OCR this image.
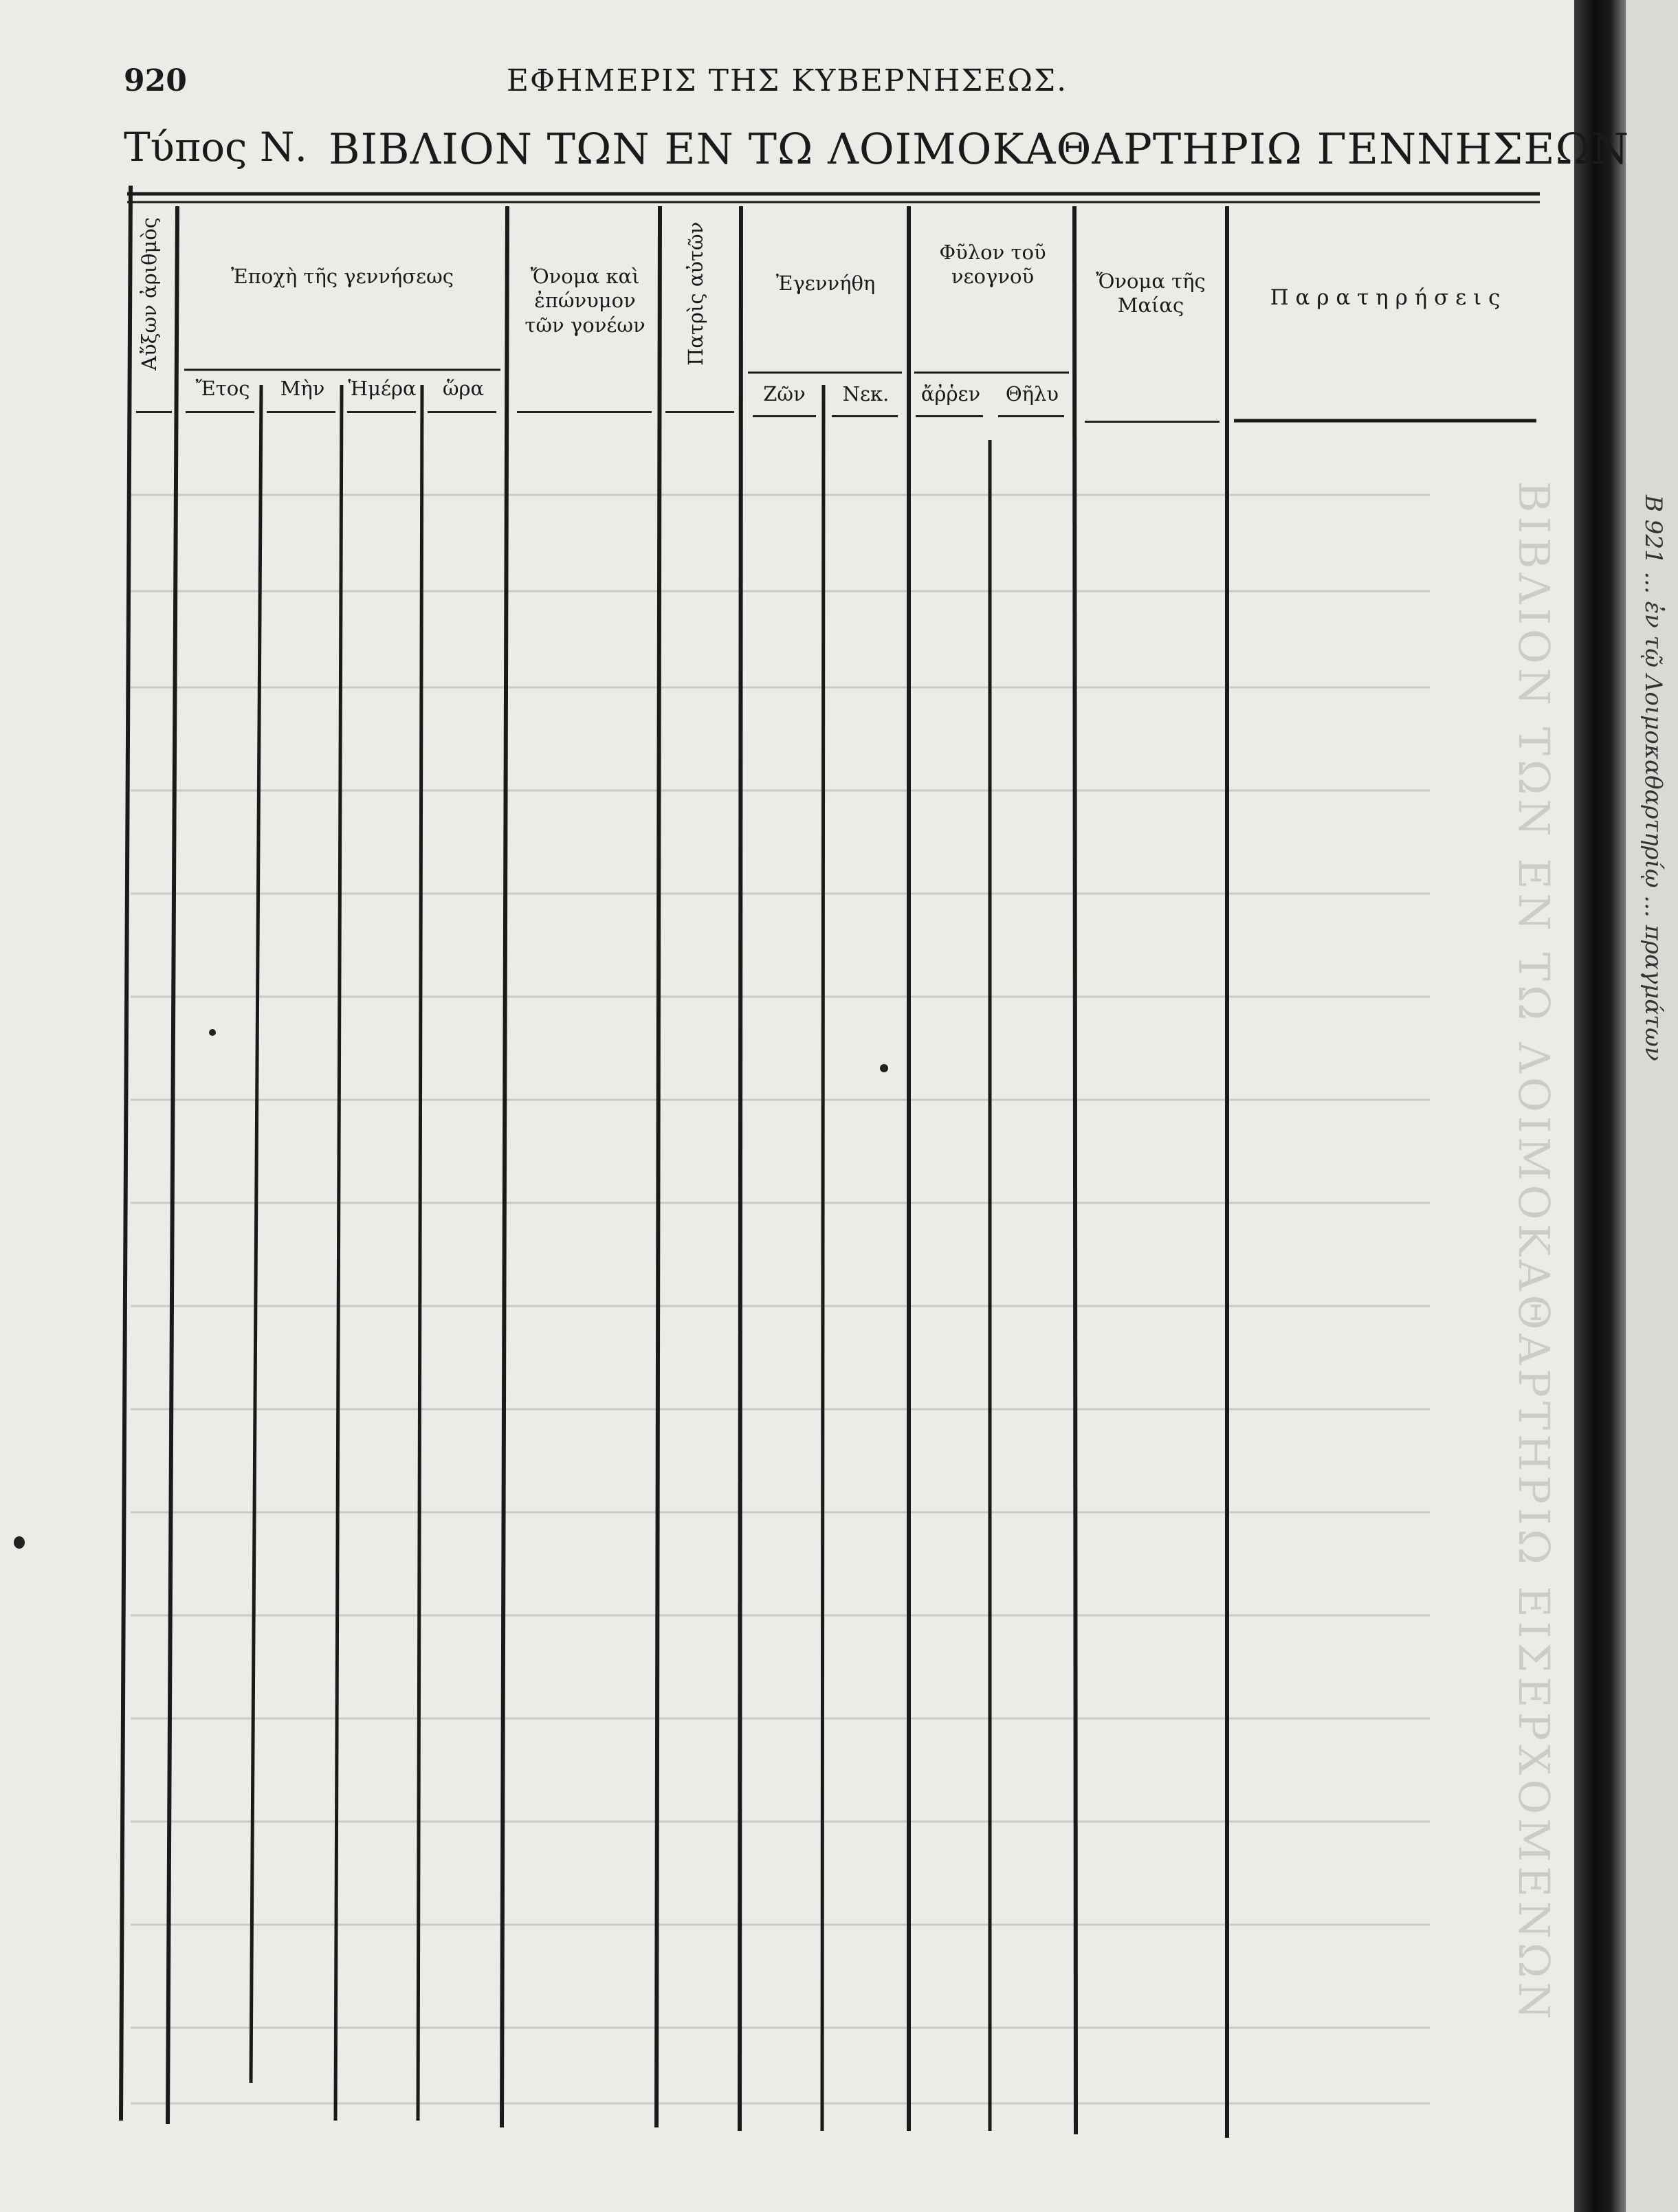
Β 921 ... ἐν τῷ Λοιμοκαθαρτηρίῳ ... πραγμάτων
ΒΙΒΛΙΟΝ ΤΩΝ ΕΝ ΤΩ ΛΟΙΜΟΚΑΘΑΡΤΗΡΙΩ ΕΙΣΕΡΧΟΜΕΝΩΝ
920	ΕΦΗΜΕΡΙΣ ΤΗΣ ΚΥΒΕΡΝΗΣΕΩΣ.
Τύπος Ν. ΒΙΒΛΙΟΝ ΤΩΝ ΕΝ ΤΩ ΛΟΙΜΟΚΑΘΑΡΤΗΡΙΩ ΓΕΝΝΗΣΕΩΝ
Αὔξων ἀριθμὸς	Ἐποχὴ τῆς γεννήσεως
Ἔτος	Μὴν	Ἡμέρα	ὥρα
Ὄνομα καὶ
ἐπώνυμον
τῶν γονέων	Πατρὶς αὐτῶν	Ἐγεννήθη
Ζῶν	Νεκ.
Φῦλον τοῦ
νεογνοῦ
ἄῤῥεν	Θῆλυ
Ὄνομα τῆς
Μαίας	Π α ρ α τ η ρ ή σ ε ι ς
